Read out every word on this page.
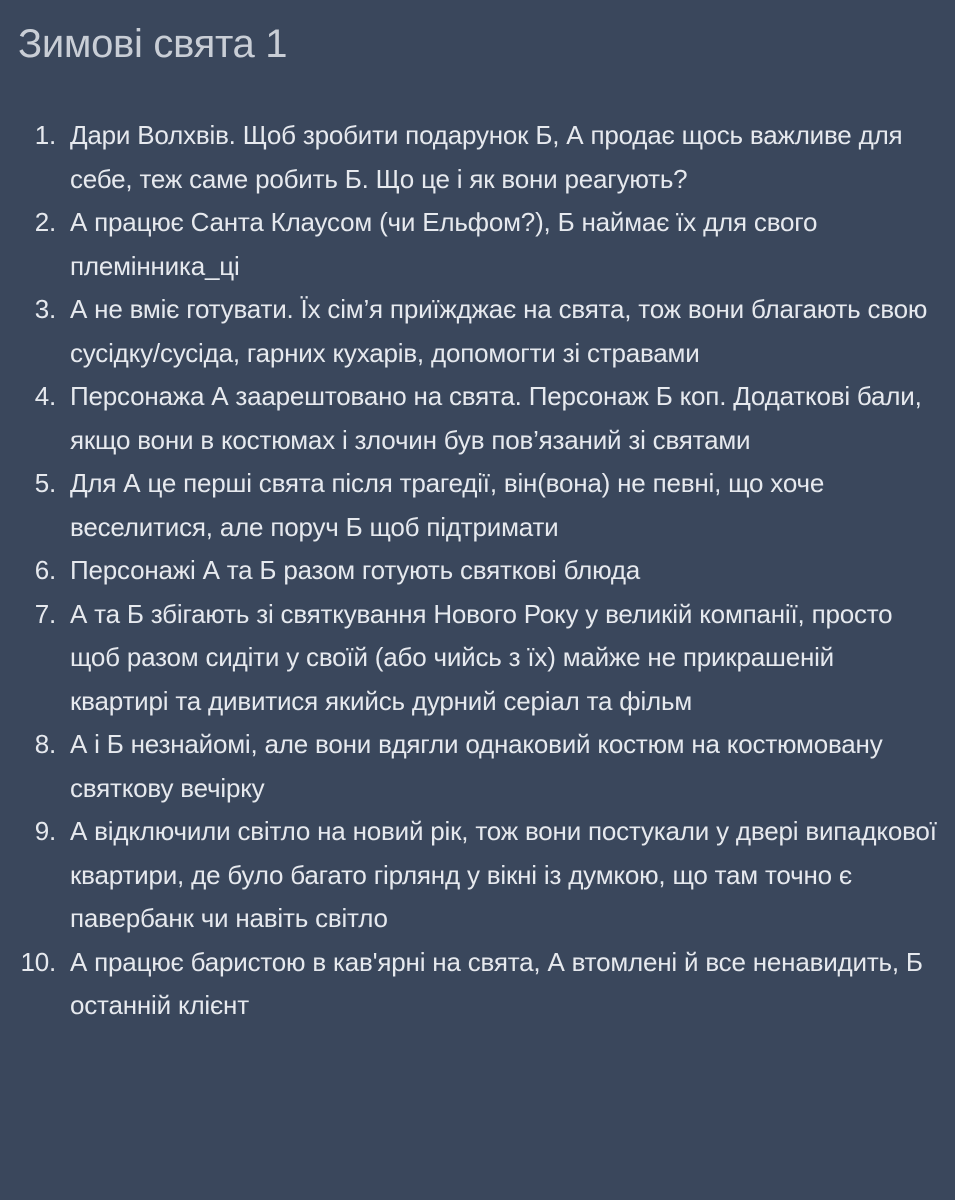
Зимові свята 1
1. Дари Волхвів. Щоб зробити подарунок Б, А продає щось важливе для себе, теж саме робить Б. Що це і як вони реагують?
2. А працює Санта Клаусом (чи Ельфом?), Б наймає їх для свого племінника_ці
3. А не вміє готувати. Їх сім’я приїжджає на свята, тож вони благають свою сусідку/сусіда, гарних кухарів, допомогти зі стравами
4. Персонажа А заарештовано на свята. Персонаж Б коп. Додаткові бали, якщо вони в костюмах і злочин був пов’язаний зі святами
5. Для А це перші свята після трагедії, він(вона) не певні, що хоче веселитися, але поруч Б щоб підтримати
6. Персонажі А та Б разом готують святкові блюда
7. А та Б збігають зі святкування Нового Року у великій компанії, просто щоб разом сидіти у своїй (або чийсь з їх) майже не прикрашеній квартирі та дивитися якийсь дурний серіал та фільм
8. А і Б незнайомі, але вони вдягли однаковий костюм на костюмовану святкову вечірку
9. А відключили світло на новий рік, тож вони постукали у двері випадкової квартири, де було багато гірлянд у вікні із думкою, що там точно є павербанк чи навіть світло
10. А працює баристою в кав'ярні на свята, А втомлені й все ненавидить, Б останній клієнт
